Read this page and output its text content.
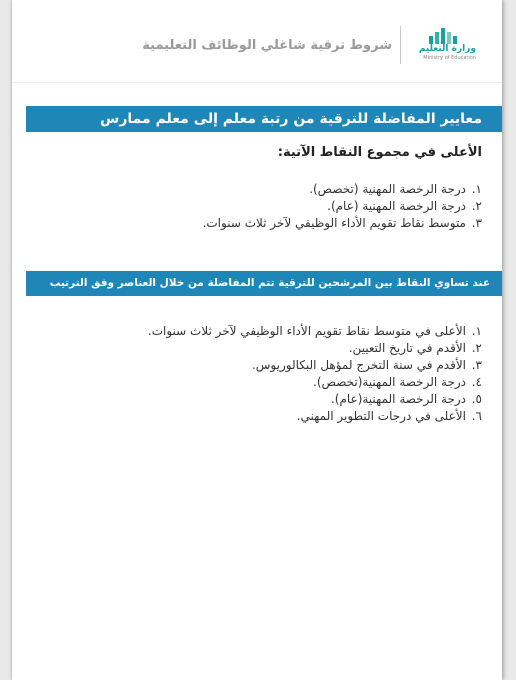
وزارة التعليم
Ministry of Education
شروط ترقية شاغلي الوظائف التعليمية
معايير المفاضلة للترقية من رتبة معلم إلى معلم ممارس
الأعلى في مجموع النقاط الآتية:
١.درجة الرخصة المهنية (تخصص).
٢.درجة الرخصة المهنية (عام).
٣.متوسط نقاط تقويم الأداء الوظيفي لآخر ثلاث سنوات.
عند تساوي النقاط بين المرشحين للترقية تتم المفاضلة من خلال العناصر وفق الترتيب التالي
١.الأعلى في متوسط نقاط تقويم الأداء الوظيفي لآخر ثلاث سنوات.
٢.الأقدم في تاريخ التعيين.
٣.الأقدم في سنة التخرج لمؤهل البكالوريوس.
٤.درجة الرخصة المهنية(تخصص).
٥.درجة الرخصة المهنية(عام).
٦.الأعلى في درجات التطوير المهني.
